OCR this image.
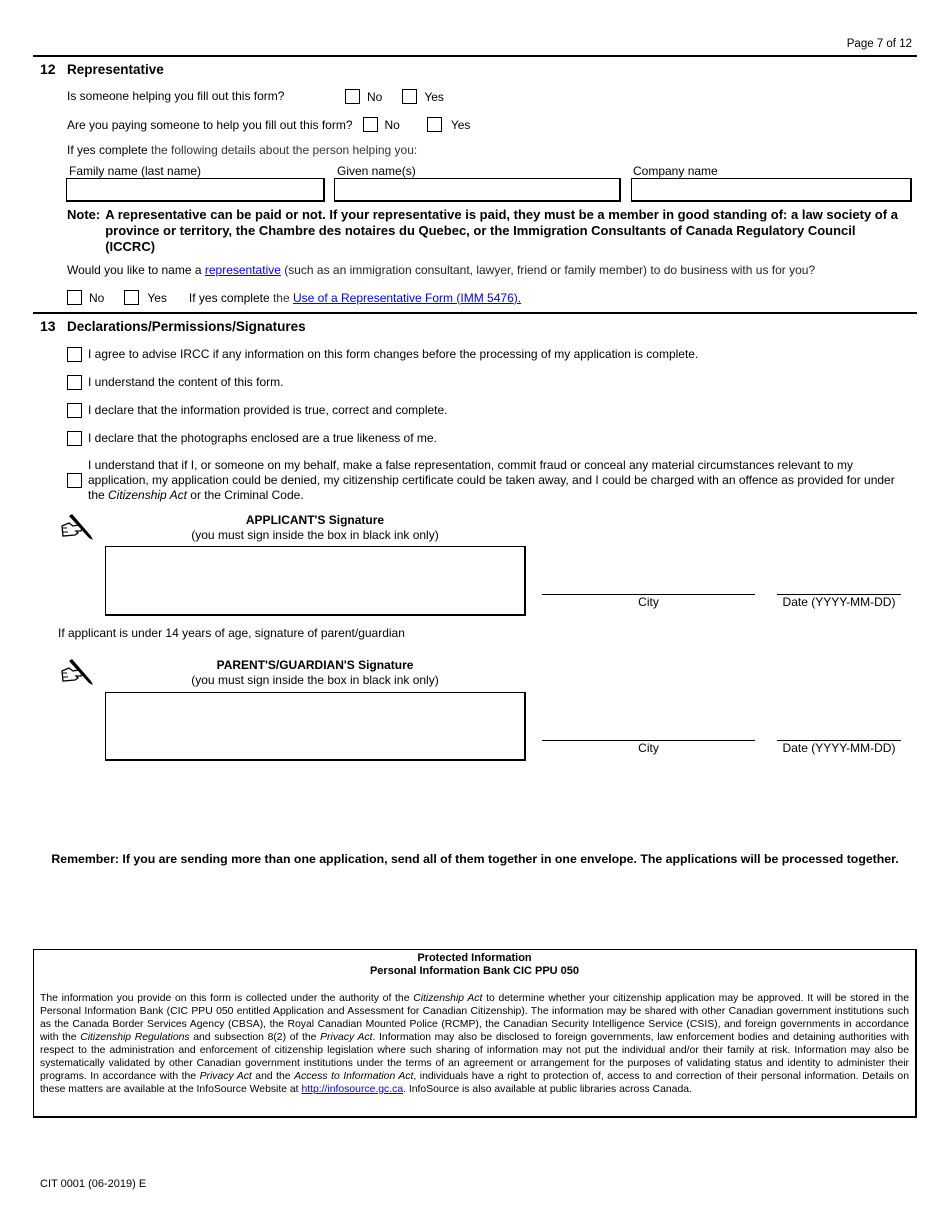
Page 7 of 12
12 Representative
Is someone helping you fill out this form?	No	Yes
Are you paying someone to help you fill out this form?	No	Yes
If yes complete the following details about the person helping you:
Family name (last name)	Given name(s)	Company name
Note: A representative can be paid or not. If your representative is paid, they must be a member in good standing of: a law society of a province or territory, the Chambre des notaires du Quebec, or the Immigration Consultants of Canada Regulatory Council (ICCRC)
Would you like to name a representative (such as an immigration consultant, lawyer, friend or family member) to do business with us for you?
No	Yes If yes complete the Use of a Representative Form (IMM 5476).
13 Declarations/Permissions/Signatures
I agree to advise IRCC if any information on this form changes before the processing of my application is complete.
I understand the content of this form.
I declare that the information provided is true, correct and complete.
I declare that the photographs enclosed are a true likeness of me.
I understand that if I, or someone on my behalf, make a false representation, commit fraud or conceal any material circumstances relevant to my application, my application could be denied, my citizenship certificate could be taken away, and I could be charged with an offence as provided for under the Citizenship Act or the Criminal Code.
APPLICANT'S Signature
(you must sign inside the box in black ink only)
City	Date (YYYY-MM-DD)
If applicant is under 14 years of age, signature of parent/guardian
PARENT'S/GUARDIAN'S Signature
(you must sign inside the box in black ink only)
City	Date (YYYY-MM-DD)
Remember: If you are sending more than one application, send all of them together in one envelope. The applications will be processed together.
Protected Information
Personal Information Bank CIC PPU 050
The information you provide on this form is collected under the authority of the Citizenship Act to determine whether your citizenship application may be approved. It will be stored in the Personal Information Bank (CIC PPU 050 entitled Application and Assessment for Canadian Citizenship). The information may be shared with other Canadian government institutions such as the Canada Border Services Agency (CBSA), the Royal Canadian Mounted Police (RCMP), the Canadian Security Intelligence Service (CSIS), and foreign governments in accordance with the Citizenship Regulations and subsection 8(2) of the Privacy Act. Information may also be disclosed to foreign governments, law enforcement bodies and detaining authorities with respect to the administration and enforcement of citizenship legislation where such sharing of information may not put the individual and/or their family at risk. Information may also be systematically validated by other Canadian government institutions under the terms of an agreement or arrangement for the purposes of validating status and identity to administer their programs. In accordance with the Privacy Act and the Access to Information Act, individuals have a right to protection of, access to and correction of their personal information. Details on these matters are available at the InfoSource Website at http://infosource.gc.ca. InfoSource is also available at public libraries across Canada.
CIT 0001 (06-2019) E
